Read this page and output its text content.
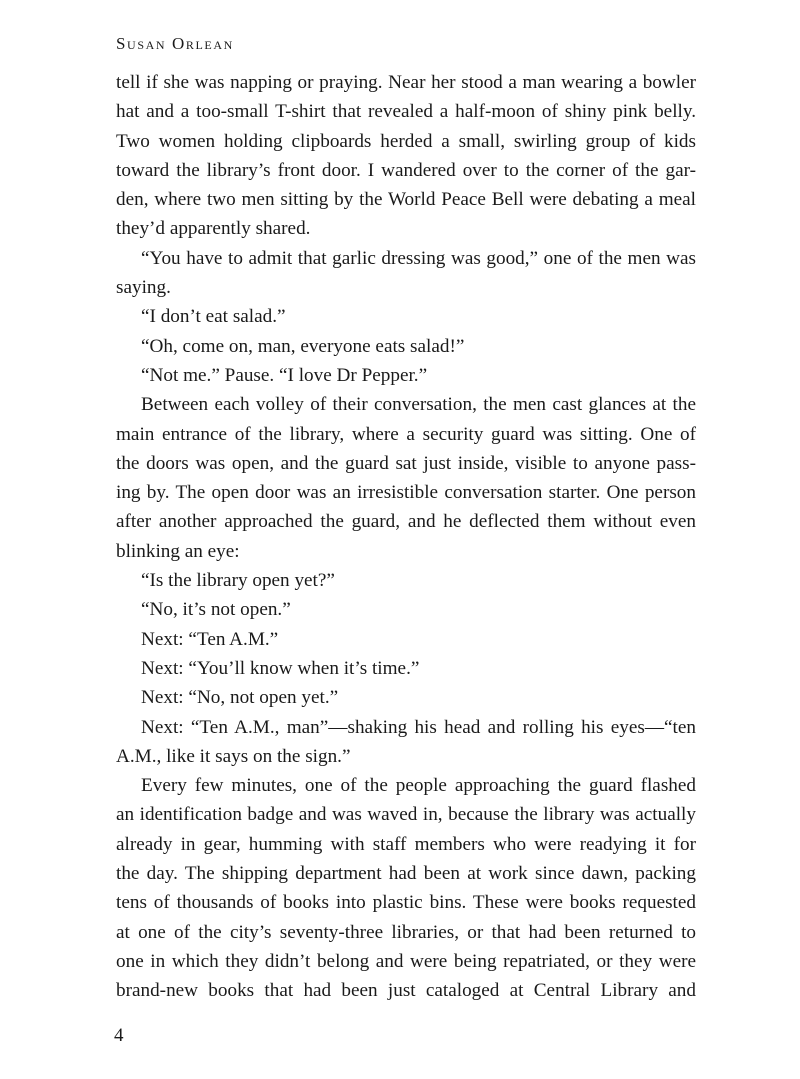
Susan Orlean
tell if she was napping or praying. Near her stood a man wearing a bowler
hat and a too-small T-shirt that revealed a half-moon of shiny pink belly.
Two women holding clipboards herded a small, swirling group of kids
toward the library’s front door. I wandered over to the corner of the gar-
den, where two men sitting by the World Peace Bell were debating a meal
they’d apparently shared.
“You have to admit that garlic dressing was good,” one of the men was
saying.
“I don’t eat salad.”
“Oh, come on, man, everyone eats salad!”
“Not me.” Pause. “I love Dr Pepper.”
Between each volley of their conversation, the men cast glances at the
main entrance of the library, where a security guard was sitting. One of
the doors was open, and the guard sat just inside, visible to anyone pass-
ing by. The open door was an irresistible conversation starter. One person
after another approached the guard, and he deflected them without even
blinking an eye:
“Is the library open yet?”
“No, it’s not open.”
Next: “Ten A.M.”
Next: “You’ll know when it’s time.”
Next: “No, not open yet.”
Next: “Ten A.M., man”—shaking his head and rolling his eyes—“ten
A.M., like it says on the sign.”
Every few minutes, one of the people approaching the guard flashed
an identification badge and was waved in, because the library was actually
already in gear, humming with staff members who were readying it for
the day. The shipping department had been at work since dawn, packing
tens of thousands of books into plastic bins. These were books requested
at one of the city’s seventy-three libraries, or that had been returned to
one in which they didn’t belong and were being repatriated, or they were
brand-new books that had been just cataloged at Central Library and
4
